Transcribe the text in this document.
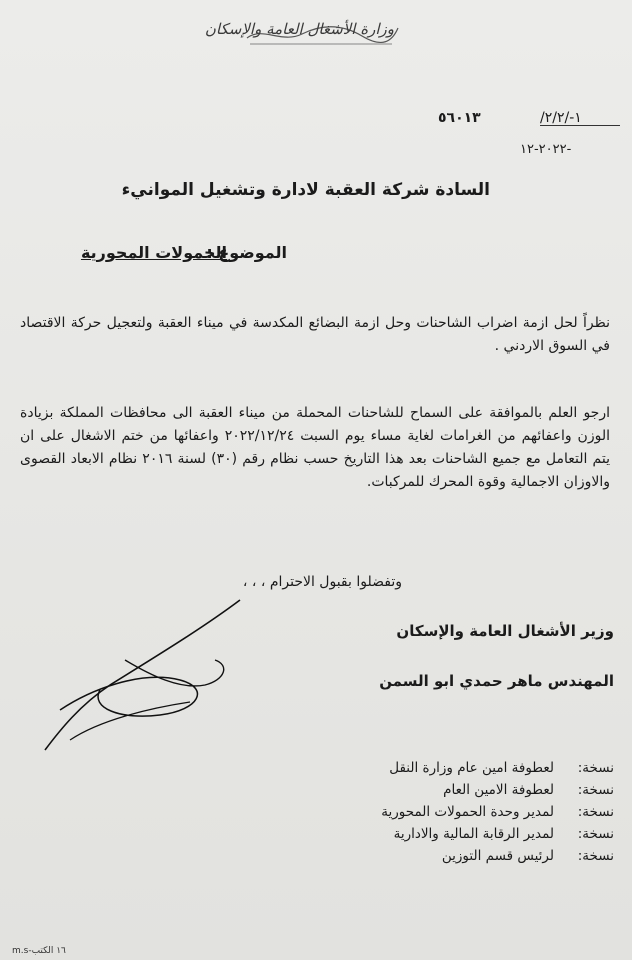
وزارة الأشغال العامة والإسكان
١-/٢/٢/
٥٦٠١٣
٢٠٢٢-١٢-
السادة شركة العقبة لادارة وتشغيل الموانيء
الموضوع :
الحمولات المحورية
نظراً لحل ازمة اضراب الشاحنات وحل ازمة البضائع المكدسة في ميناء العقبة ولتعجيل حركة الاقتصاد في السوق الاردني .
ارجو العلم بالموافقة على السماح للشاحنات المحملة من ميناء العقبة الى محافظات المملكة بزيادة الوزن واعفائهم من الغرامات لغاية مساء يوم السبت ٢٠٢٢/١٢/٢٤ واعفائها من ختم الاشغال على ان يتم التعامل مع جميع الشاحنات بعد هذا التاريخ حسب نظام رقم (٣٠) لسنة ٢٠١٦ نظام الابعاد القصوى والاوزان الاجمالية وقوة المحرك للمركبات.
وتفضلوا بقبول الاحترام ، ، ،
وزير الأشغال العامة والإسكان
المهندس ماهر حمدي ابو السمن
نسخة:
لعطوفة امين عام وزارة النقل
نسخة:
لعطوفة الامين العام
نسخة:
لمدير وحدة الحمولات المحورية
نسخة:
لمدير الرقابة المالية والادارية
نسخة:
لرئيس قسم التوزين
m.s-١٦ الكتب
